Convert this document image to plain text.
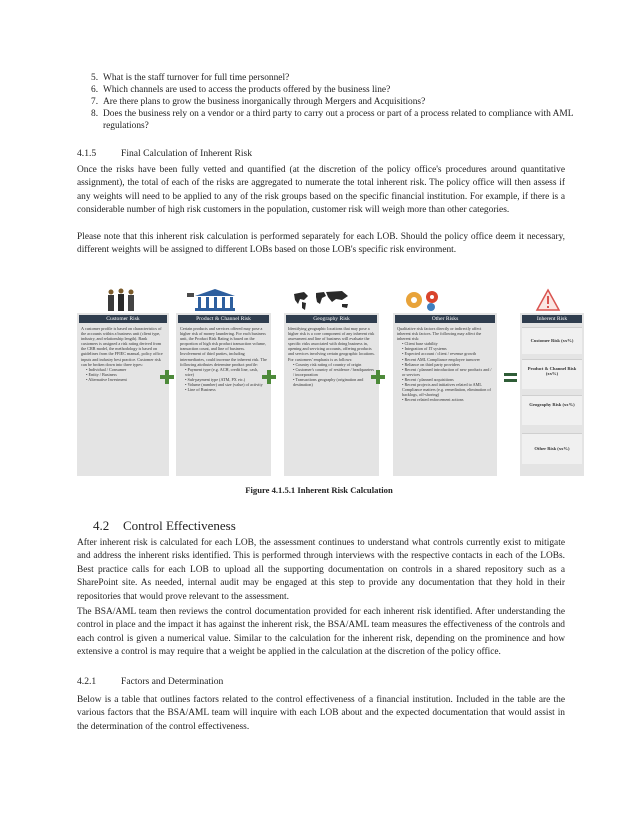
5. What is the staff turnover for full time personnel?
6. Which channels are used to access the products offered by the business line?
7. Are there plans to grow the business inorganically through Mergers and Acquisitions?
8. Does the business rely on a vendor or a third party to carry out a process or part of a process related to compliance with AML regulations?
4.1.5	Final Calculation of Inherent Risk
Once the risks have been fully vetted and quantified (at the discretion of the policy office's procedures around quantitative assignment), the total of each of the risks are aggregated to numerate the total inherent risk. The policy office will then assess if any weights will need to be applied to any of the risk groups based on the specific financial institution. For example, if there is a considerable number of high risk customers in the population, customer risk will weigh more than other categories.
Please note that this inherent risk calculation is performed separately for each LOB. Should the policy office deem it necessary, different weights will be assigned to different LOBs based on those LOB's specific risk environment.
Customer Risk
A customer profile is based on characteristics of the accounts within a business unit (client type, industry, and relationship length). Bank customers is assigned a risk rating derived from the CRR model, the methodology is based on guidelines from the FFIEC manual, policy office inputs and industry best practice. Customer risk can be broken down into three types:
• Individual / Consumer
• Entity / Business
• Alternative Investment
Product & Channel Risk
Certain products and services offered may pose a higher risk of money laundering. For each business unit, the Product Risk Rating is based on the proportion of high risk product transaction volume, transaction count, and line of business. Involvement of third parties, including intermediaries, could increase the inherent risk. The following attributes determine product profile:
• Payment type (e.g. ACH, credit line, cash, wire)
• Sub-payment type (ATM, PX etc.)
• Volume (number) and size (value) of activity
• Line of Business
Geography Risk
Identifying geographic locations that may pose a higher risk is a core component of any inherent risk assessment and line of business will evaluate the specific risks associated with doing business in, opening and servicing accounts, offering products and services involving certain geographic locations. For customers' emphasis is as follows:
• Country risk rating of country of origin
• Customer's country of residence / headquarters / incorporation
• Transactions geography (origination and destination)
Other Risks
Qualitative risk factors directly or indirectly affect inherent risk factors. The following may affect the inherent risk:
• Client base stability
• Integration of IT systems
• Expected account / client / revenue growth
• Recent AML Compliance employee turnover
• Reliance on third party providers
• Recent / planned introduction of new products and / or services
• Recent / planned acquisitions
• Recent projects and initiatives related to AML Compliance matters (e.g. remediation, elimination of backlogs, off-shoring)
• Recent related enforcement actions
Inherent Risk
Customer Risk (xx%)
Product & Channel Risk (xx%)
Geography Risk (xx%)
Other Risk (xx%)
Figure 4.1.5.1 Inherent Risk Calculation
4.2 Control Effectiveness
After inherent risk is calculated for each LOB, the assessment continues to understand what controls currently exist to mitigate and address the inherent risks identified. This is performed through interviews with the respective contacts in each of the LOBs. Best practice calls for each LOB to upload all the supporting documentation on controls in a shared repository such as a SharePoint site. As needed, internal audit may be engaged at this step to provide any documentation that they hold in their repositories that would prove relevant to the assessment.
The BSA/AML team then reviews the control documentation provided for each inherent risk identified. After understanding the control in place and the impact it has against the inherent risk, the BSA/AML team measures the effectiveness of the controls and each control is given a numerical value. Similar to the calculation for the inherent risk, depending on the prominence and how extensive a control is may require that a weight be applied in the calculation at the discretion of the policy office.
4.2.1	Factors and Determination
Below is a table that outlines factors related to the control effectiveness of a financial institution. Included in the table are the various factors that the BSA/AML team will inquire with each LOB about and the expected documentation that would assist in the determination of the control effectiveness.
